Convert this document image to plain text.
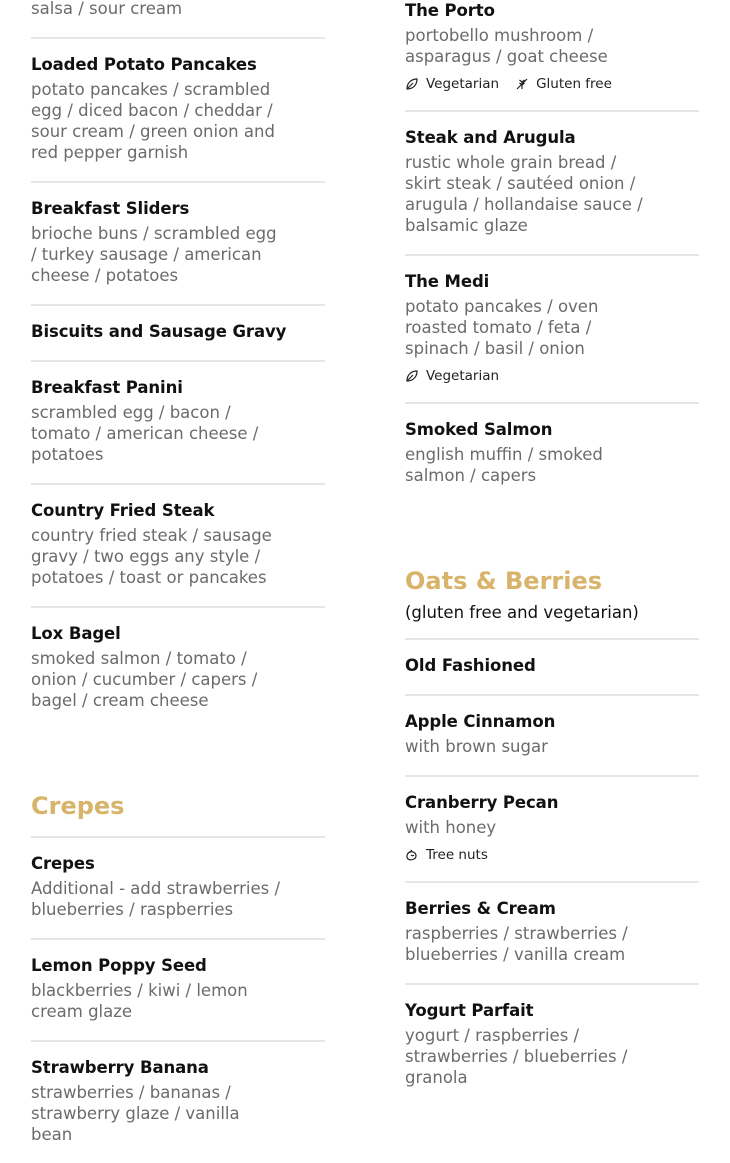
salsa / sour cream
Loaded Potato Pancakes
potato pancakes / scrambled egg / diced bacon / cheddar / sour cream / green onion and red pepper garnish
Breakfast Sliders
brioche buns / scrambled egg / turkey sausage / american cheese / potatoes
Biscuits and Sausage Gravy
Breakfast Panini
scrambled egg / bacon / tomato / american cheese / potatoes
Country Fried Steak
country fried steak / sausage gravy / two eggs any style / potatoes / toast or pancakes
Lox Bagel
smoked salmon / tomato / onion / cucumber / capers / bagel / cream cheese
Crepes
Crepes
Additional - add strawberries / blueberries / raspberries
Lemon Poppy Seed
blackberries / kiwi / lemon cream glaze
Strawberry Banana
strawberries / bananas / strawberry glaze / vanilla bean
The Porto
portobello mushroom / asparagus / goat cheese
Vegetarian	Gluten free
Steak and Arugula
rustic whole grain bread / skirt steak / sautéed onion / arugula / hollandaise sauce / balsamic glaze
The Medi
potato pancakes / oven roasted tomato / feta / spinach / basil / onion
Vegetarian
Smoked Salmon
english muffin / smoked salmon / capers
Oats & Berries
(gluten free and vegetarian)
Old Fashioned
Apple Cinnamon
with brown sugar
Cranberry Pecan
with honey
Tree nuts
Berries & Cream
raspberries / strawberries / blueberries / vanilla cream
Yogurt Parfait
yogurt / raspberries / strawberries / blueberries / granola
